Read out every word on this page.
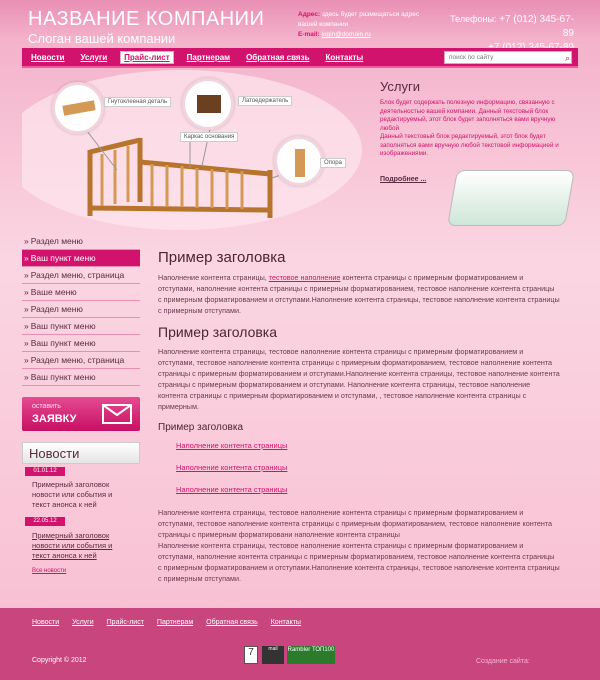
НАЗВАНИЕ КОМПАНИИ
Слоган вашей компании
Адрес: здесь будет размещаться адрес вашей компании
E-mail: login@domain.ru
Телефоны: +7 (012) 345-67-89

Новости	Услуги	Прайс-лист	Партнерам	Обратная связь	Контакты
поиск по сайту	⌕
Гнутоклееная деталь	Латоедержатель
Каркас основания
Опора
Услуги
Блок будет содержать полезную информацию, связанную с деятельностью вашей компании. Данный текстовый блок редактируемый, этот блок будет заполняться вами вручную любой
Данный текстовый блок редактируемый, этот блок будет заполняться вами вручную любой текстовой информацией и изображениями.
Подробнее ...
» Раздел меню
» Ваш пункт меню
» Раздел меню, страница
» Ваше меню
» Раздел меню
» Ваш пункт меню
» Ваш пункт меню
» Раздел меню, страница
» Ваш пункт меню
оставить
ЗАЯВКУ
Новости
01.01.12
Примерный заголовок новости или события и текст анонса к ней
22.05.12
Примерный заголовок новости или события и текст анонса к ней
Все новости
Пример заголовка
Наполнение контента страницы, тестовое наполнение контента страницы с примерным форматированием и отступами, наполнение контента страницы с примерным форматированием, тестовое наполнение контента страницы с примерным форматированием и отступами.Наполнение контента страницы, тестовое наполнение контента страницы с примерным отступами.
Пример заголовка
Наполнение контента страницы, тестовое наполнение контента страницы с примерным форматированием и отступами, тестовое наполнение контента страницы с примерным форматированием, тестовое наполнение контента страницы с примерным форматированием и отступами.Наполнение контента страницы, тестовое наполнение контента страницы с примерным форматированием и отступами. Наполнение контента страницы, тестовое наполнение контента страницы с примерным форматированием и отступами, , тестовое наполнение контента страницы с примерным.
Пример заголовка
Наполнение контента страницы
Наполнение контента страницы
Наполнение контента страницы
Наполнение контента страницы, тестовое наполнение контента страницы с примерным форматированием и отступами, тестовое наполнение контента страницы с примерным форматированием, тестовое наполнение контента страницы с примерным форматировани наполнение контента страницы
Наполнение контента страницы, тестовое наполнение контента страницы с примерным форматированием и отступами, наполнение контента страницы с примерным форматированием, тестовое наполнение контента страницы с примерным форматированием и отступами.Наполнение контента страницы, тестовое наполнение контента страницы с примерным отступами.
Новости Услуги Прайс-лист Партнерам Обратная связь Контакты
Copyright © 2012
7	mail	Rambler ТОП100
Создание сайта:
